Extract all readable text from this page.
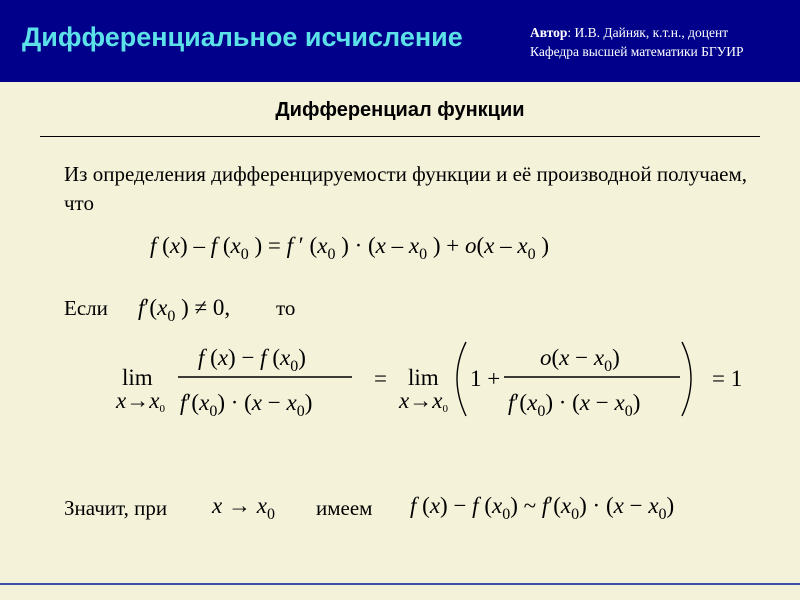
Дифференциальное исчисление	Автор: И.В. Дайняк, к.т.н., доцент
Кафедра высшей математики БГУИР
Дифференциал функции
Из определения дифференцируемости функции и её производной получаем, что
f (x) – f ($x_0$ ) = f ′ ($x_0$ ) · ($x - x_0$ ) + $o(x - x_0$ )
Если $f'(x_0$ ) ≠ 0, то
lim
x→x0
f (x) − f $(x_0)$
$f'(x_0) \cdot (x - x_0)$
= lim
x→x0
1 +
$o(x - x_0)$
$f'(x_0) \cdot (x - x_0)$
= 1
Значит, при $x \to x_0$ имеем f (x) − f $(x_0)$ ~ $f'(x_0) \cdot (x - x_0)$
